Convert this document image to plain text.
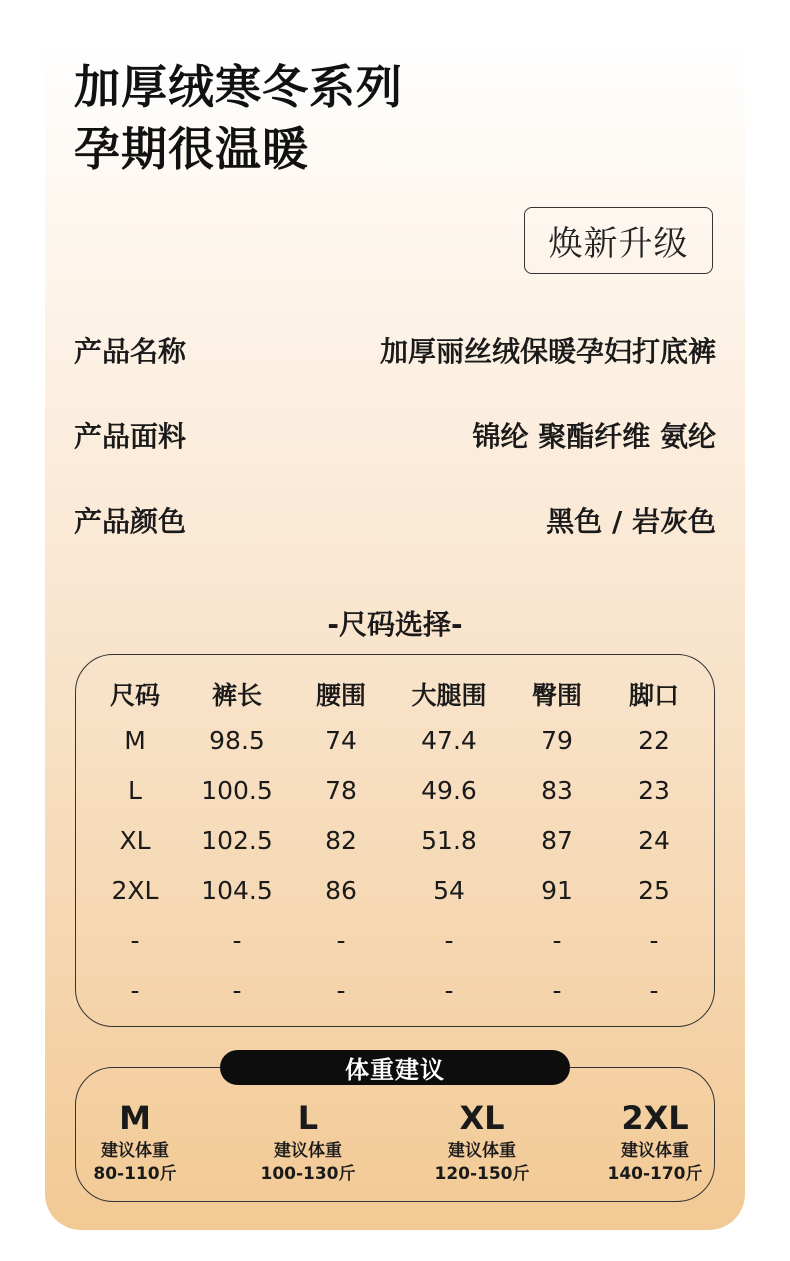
加厚绒寒冬系列
孕期很温暖
焕新升级
产品名称	加厚丽丝绒保暖孕妇打底裤
产品面料	锦纶 聚酯纤维 氨纶
产品颜色	黑色 / 岩灰色
-尺码选择-
尺码	裤长	腰围	大腿围	臀围	脚口
M	98.5	74	47.4	79	22
L	100.5	78	49.6	83	23
XL	102.5	82	51.8	87	24
2XL	104.5	86	54	91	25
-	-	-	-	-	-
-	-	-	-	-	-
体重建议
M
建议体重
80-110斤
L
建议体重
100-130斤
XL
建议体重
120-150斤
2XL
建议体重
140-170斤
